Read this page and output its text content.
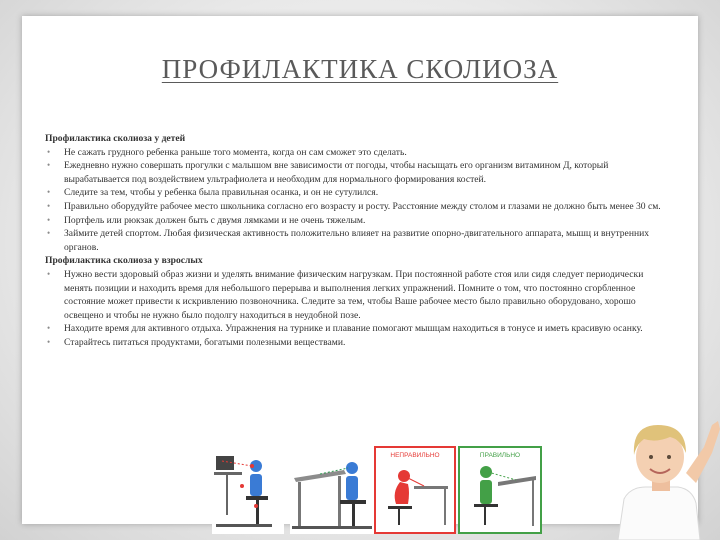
ПРОФИЛАКТИКА СКОЛИОЗА
Профилактика сколиоза у детей
• Не сажать грудного ребенка раньше того момента, когда он сам сможет это сделать.
• Ежедневно нужно совершать прогулки с малышом вне зависимости от погоды, чтобы насыщать его организм витамином Д, который вырабатывается под воздействием ультрафиолета и необходим для нормального формирования костей.
• Следите за тем, чтобы у ребенка была правильная осанка, и он не сутулился.
• Правильно оборудуйте рабочее место школьника согласно его возрасту и росту. Расстояние между столом и глазами не должно быть менее 30 см.
• Портфель или рюкзак должен быть с двумя лямками и не очень тяжелым.
• Займите детей спортом. Любая физическая активность положительно влияет на развитие опорно-двигательного аппарата, мышц и внутренних органов.
Профилактика сколиоза у взрослых
• Нужно вести здоровый образ жизни и уделять внимание физическим нагрузкам. При постоянной работе стоя или сидя следует периодически менять позиции и находить время для небольшого перерыва и выполнения легких упражнений. Помните о том, что постоянно сгорбленное состояние может привести к искривлению позвоночника. Следите за тем, чтобы Ваше рабочее место было правильно оборудовано, хорошо освещено и чтобы не нужно было подолгу находиться в неудобной позе.
• Находите время для активного отдыха. Упражнения на турнике и плавание помогают мышцам находиться в тонусе и иметь красивую осанку.
• Старайтесь питаться продуктами, богатыми полезными веществами.
НЕПРАВИЛЬНО	ПРАВИЛЬНО
